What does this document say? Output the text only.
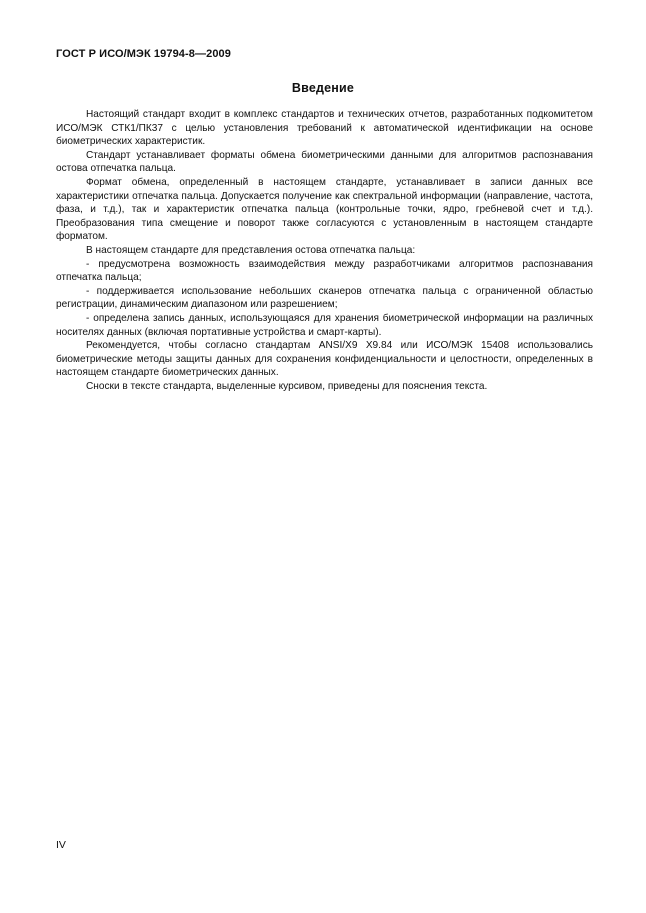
ГОСТ Р ИСО/МЭК 19794-8—2009
Введение

Настоящий стандарт входит в комплекс стандартов и технических отчетов, разработанных подкомитетом ИСО/МЭК СТК1/ПК37 с целью установления требований к автоматической идентификации на основе биометрических характеристик.

Стандарт устанавливает форматы обмена биометрическими данными для алгоритмов распознавания остова отпечатка пальца.

Формат обмена, определенный в настоящем стандарте, устанавливает в записи данных все характеристики отпечатка пальца. Допускается получение как спектральной информации (направление, частота, фаза, и т.д.), так и характеристик отпечатка пальца (контрольные точки, ядро, гребневой счет и т.д.). Преобразования типа смещение и поворот также согласуются с установленным в настоящем стандарте форматом.

В настоящем стандарте для представления остова отпечатка пальца:

- предусмотрена возможность взаимодействия между разработчиками алгоритмов распознавания отпечатка пальца;

- поддерживается использование небольших сканеров отпечатка пальца с ограниченной областью регистрации, динамическим диапазоном или разрешением;

- определена запись данных, использующаяся для хранения биометрической информации на различных носителях данных (включая портативные устройства и смарт-карты).

Рекомендуется, чтобы согласно стандартам ANSI/X9 X9.84 или ИСО/МЭК 15408 использовались биометрические методы защиты данных для сохранения конфиденциальности и целостности, определенных в настоящем стандарте биометрических данных.

Сноски в тексте стандарта, выделенные курсивом, приведены для пояснения текста.

IV
